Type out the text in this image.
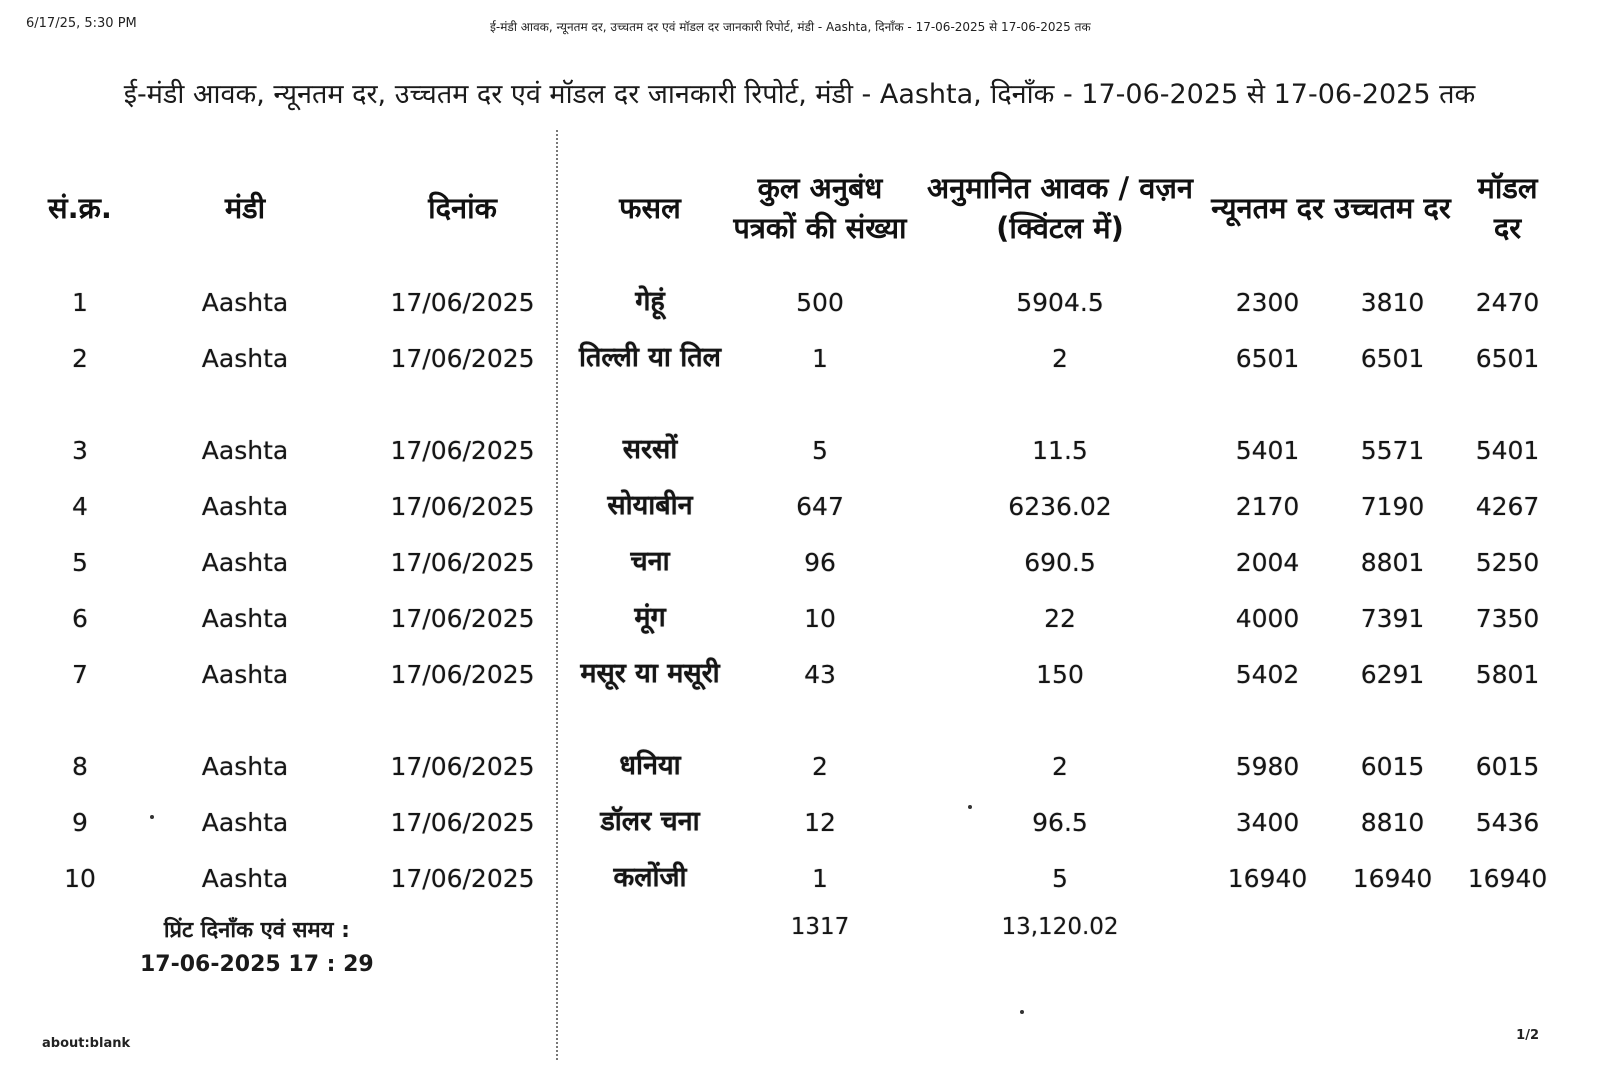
6/17/25, 5:30 PM	ई-मंडी आवक, न्यूनतम दर, उच्चतम दर एवं मॉडल दर जानकारी रिपोर्ट, मंडी - Aashta, दिनाँक - 17-06-2025 से 17-06-2025 तक
ई-मंडी आवक, न्यूनतम दर, उच्चतम दर एवं मॉडल दर जानकारी रिपोर्ट, मंडी - Aashta, दिनाँक - 17-06-2025 से 17-06-2025 तक
सं.क्र.	मंडी	दिनांक	फसल	कुल अनुबंध पत्रकों की संख्या	अनुमानित आवक / वज़न (क्विंटल में)	न्यूनतम दर	उच्चतम दर	मॉडल दर
1	Aashta	17/06/2025	गेहूं	500	5904.5	2300	3810	2470
2	Aashta	17/06/2025	तिल्ली या तिल	1	2	6501	6501	6501
3	Aashta	17/06/2025	सरसों	5	11.5	5401	5571	5401
4	Aashta	17/06/2025	सोयाबीन	647	6236.02	2170	7190	4267
5	Aashta	17/06/2025	चना	96	690.5	2004	8801	5250
6	Aashta	17/06/2025	मूंग	10	22	4000	7391	7350
7	Aashta	17/06/2025	मसूर या मसूरी	43	150	5402	6291	5801
8	Aashta	17/06/2025	धनिया	2	2	5980	6015	6015
9	Aashta	17/06/2025	डॉलर चना	12	96.5	3400	8810	5436
10	Aashta	17/06/2025	कलोंजी	1	5	16940	16940	16940
				1317	13,120.02			
प्रिंट दिनाँक एवं समय :
17-06-2025 17 : 29
about:blank
1/2
